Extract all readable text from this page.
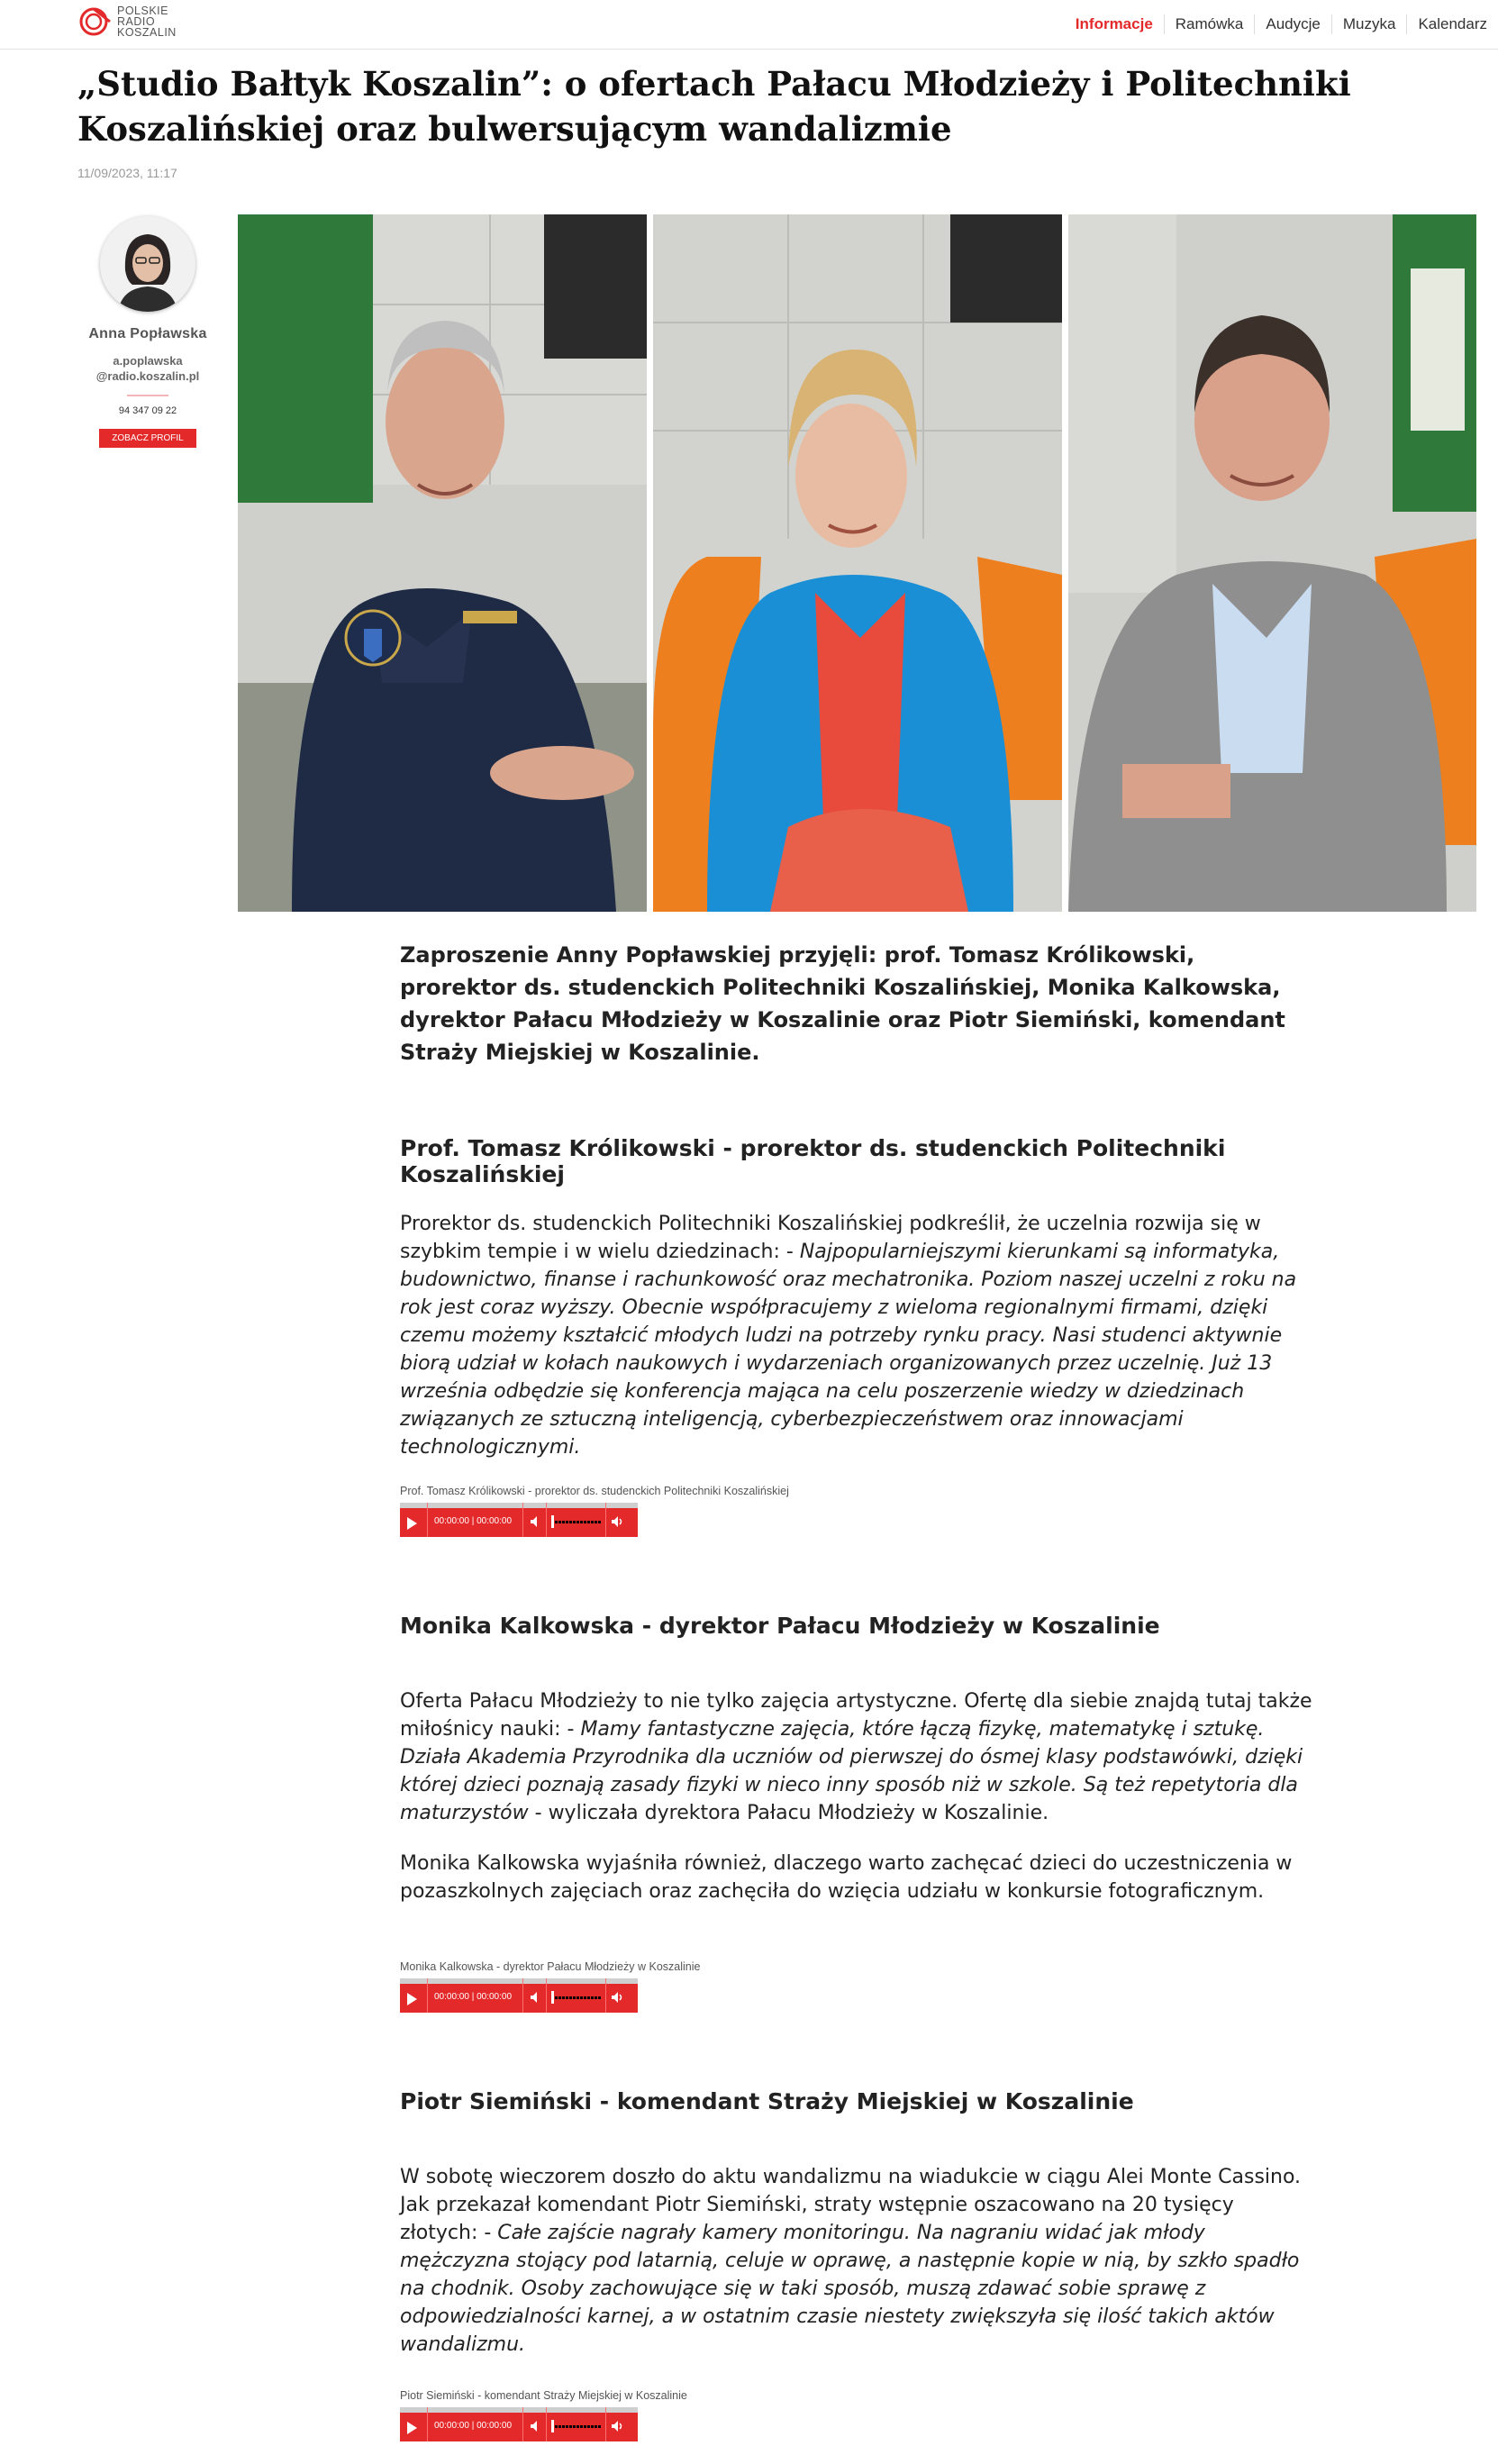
POLSKIE
RADIO
KOSZALIN	Informacje	Ramówka	Audycje	Muzyka	Kalendarz
„Studio Bałtyk Koszalin”: o ofertach Pałacu Młodzieży i Politechniki Koszalińskiej oraz bulwersującym wandalizmie
11/09/2023, 11:17
Anna Popławska
a.poplawska
@radio.koszalin.pl
94 347 09 22
ZOBACZ PROFIL
Zaproszenie Anny Popławskiej przyjęli: prof. Tomasz Królikowski, prorektor ds. studenckich Politechniki Koszalińskiej, Monika Kalkowska, dyrektor Pałacu Młodzieży w Koszalinie oraz Piotr Siemiński, komendant Straży Miejskiej w Koszalinie.
Prof. Tomasz Królikowski - prorektor ds. studenckich Politechniki Koszalińskiej
Prorektor ds. studenckich Politechniki Koszalińskiej podkreślił, że uczelnia rozwija się w szybkim tempie i w wielu dziedzinach: - Najpopularniejszymi kierunkami są informatyka, budownictwo, finanse i rachunkowość oraz mechatronika. Poziom naszej uczelni z roku na rok jest coraz wyższy. Obecnie współpracujemy z wieloma regionalnymi firmami, dzięki czemu możemy kształcić młodych ludzi na potrzeby rynku pracy. Nasi studenci aktywnie biorą udział w kołach naukowych i wydarzeniach organizowanych przez uczelnię. Już 13 września odbędzie się konferencja mająca na celu poszerzenie wiedzy w dziedzinach związanych ze sztuczną inteligencją, cyberbezpieczeństwem oraz innowacjami technologicznymi.
Prof. Tomasz Królikowski - prorektor ds. studenckich Politechniki Koszalińskiej
00:00:00 | 00:00:00
Monika Kalkowska - dyrektor Pałacu Młodzieży w Koszalinie
Oferta Pałacu Młodzieży to nie tylko zajęcia artystyczne. Ofertę dla siebie znajdą tutaj także miłośnicy nauki: - Mamy fantastyczne zajęcia, które łączą fizykę, matematykę i sztukę. Działa Akademia Przyrodnika dla uczniów od pierwszej do ósmej klasy podstawówki, dzięki której dzieci poznają zasady fizyki w nieco inny sposób niż w szkole. Są też repetytoria dla maturzystów - wyliczała dyrektora Pałacu Młodzieży w Koszalinie.
Monika Kalkowska wyjaśniła również, dlaczego warto zachęcać dzieci do uczestniczenia w pozaszkolnych zajęciach oraz zachęciła do wzięcia udziału w konkursie fotograficznym.
Monika Kalkowska - dyrektor Pałacu Młodzieży w Koszalinie
00:00:00 | 00:00:00
Piotr Siemiński - komendant Straży Miejskiej w Koszalinie
W sobotę wieczorem doszło do aktu wandalizmu na wiadukcie w ciągu Alei Monte Cassino. Jak przekazał komendant Piotr Siemiński, straty wstępnie oszacowano na 20 tysięcy złotych: - Całe zajście nagrały kamery monitoringu. Na nagraniu widać jak młody mężczyzna stojący pod latarnią, celuje w oprawę, a następnie kopie w nią, by szkło spadło na chodnik. Osoby zachowujące się w taki sposób, muszą zdawać sobie sprawę z odpowiedzialności karnej, a w ostatnim czasie niestety zwiększyła się ilość takich aktów wandalizmu.
Piotr Siemiński - komendant Straży Miejskiej w Koszalinie
00:00:00 | 00:00:00
